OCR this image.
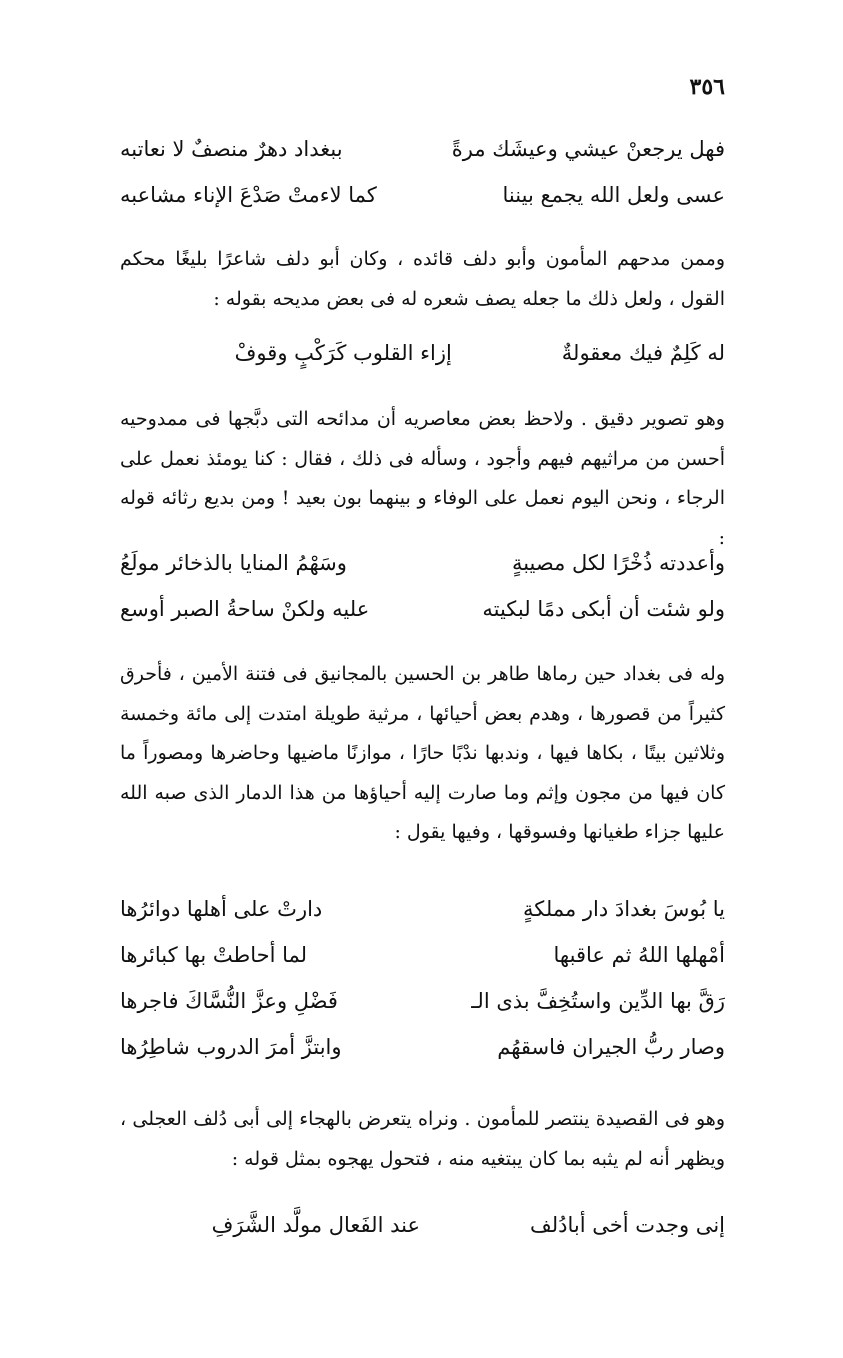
٣٥٦

فهل يرجعنْ عيشي وعيشَك مرةً
ببغداد دهرٌ منصفٌ لا نعاتبه
عسى ولعل الله يجمع بيننا
كما لاءمتْ صَدْعَ الإناء مشاعبه

وممن مدحهم المأمون وأبو دلف قائده ، وكان أبو دلف شاعرًا بليغًا محكم القول ، ولعل ذلك ما جعله يصف شعره له فى بعض مديحه بقوله :

له كَلِمٌ فيك معقولةٌ
إزاء القلوب كَرَكْبٍ وقوفْ

وهو تصوير دقيق . ولاحظ بعض معاصريه أن مدائحه التى دبَّجها فى ممدوحيه أحسن من مراثيهم فيهم وأجود ، وسأله فى ذلك ، فقال : كنا يومئذ نعمل على الرجاء ، ونحن اليوم نعمل على الوفاء و بينهما بون بعيد ! ومن بديع رثائه قوله :

وأعددته ذُخْرًا لكل مصيبةٍ
وسَهْمُ المنايا بالذخائر مولَعُ
ولو شئت أن أبكى دمًا لبكيته
عليه ولكنْ ساحةُ الصبر أوسع

وله فى بغداد حين رماها طاهر بن الحسين بالمجانيق فى فتنة الأمين ، فأحرق كثيراً من قصورها ، وهدم بعض أحيائها ، مرثية طويلة امتدت إلى مائة وخمسة وثلاثين بيتًا ، بكاها فيها ، وندبها ندْبًا حارًا ، موازنًا ماضيها وحاضرها ومصوراً ما كان فيها من مجون وإثم وما صارت إليه أحياؤها من هذا الدمار الذى صبه الله عليها جزاء طغيانها وفسوقها ، وفيها يقول :

يا بُوسَ بغدادَ دار مملكةٍ
دارتْ على أهلها دوائرُها
أمْهلها اللهُ ثم عاقبها
لما أحاطتْ بها كبائرها
رَقَّ بها الدِّين واستُخِفَّ بذى الـ
فَضْلِ وعزَّ النُّسَّاكَ فاجرها
وصار ربُّ الجيران فاسقهُم
وابتزَّ أمرَ الدروب شاطِرُها

وهو فى القصيدة ينتصر للمأمون . ونراه يتعرض بالهجاء إلى أبى دُلف العجلى ، ويظهر أنه لم يثبه بما كان يبتغيه منه ، فتحول يهجوه بمثل قوله :

إنى وجدت أخى أبادُلف
عند الفَعال مولَّد الشَّرَفِ
